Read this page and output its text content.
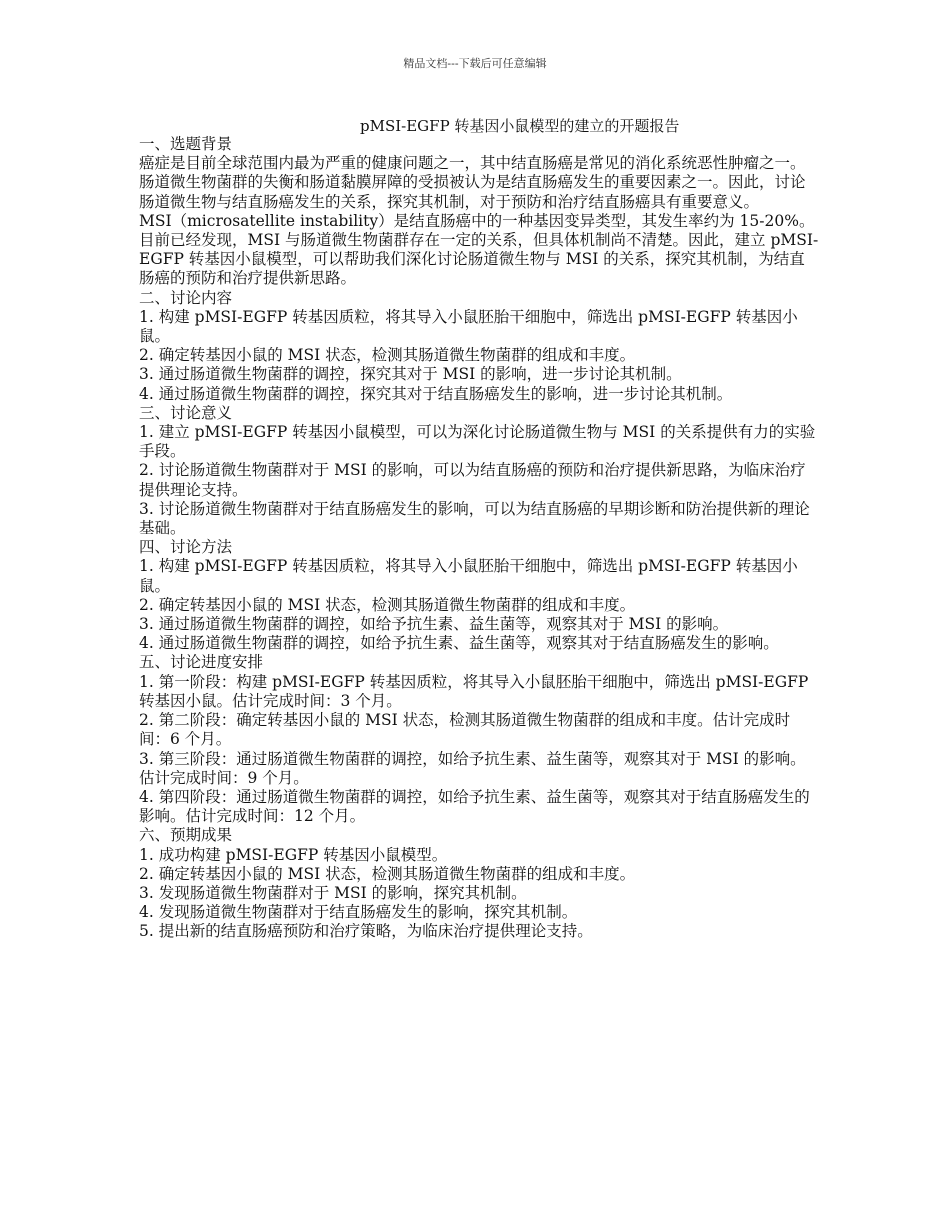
精品文档---下载后可任意编辑
pMSI-EGFP 转基因小鼠模型的建立的开题报告

一、选题背景

癌症是目前全球范围内最为严重的健康问题之一，其中结直肠癌是常见的消化系统恶性肿瘤之一。肠道微生物菌群的失衡和肠道黏膜屏障的受损被认为是结直肠癌发生的重要因素之一。因此，讨论肠道微生物与结直肠癌发生的关系，探究其机制，对于预防和治疗结直肠癌具有重要意义。

MSI（microsatellite instability）是结直肠癌中的一种基因变异类型，其发生率约为 15-20%。目前已经发现，MSI 与肠道微生物菌群存在一定的关系，但具体机制尚不清楚。因此，建立 pMSI-EGFP 转基因小鼠模型，可以帮助我们深化讨论肠道微生物与 MSI 的关系，探究其机制，为结直肠癌的预防和治疗提供新思路。

二、讨论内容

1. 构建 pMSI-EGFP 转基因质粒，将其导入小鼠胚胎干细胞中，筛选出 pMSI-EGFP 转基因小鼠。

2. 确定转基因小鼠的 MSI 状态，检测其肠道微生物菌群的组成和丰度。

3. 通过肠道微生物菌群的调控，探究其对于 MSI 的影响，进一步讨论其机制。

4. 通过肠道微生物菌群的调控，探究其对于结直肠癌发生的影响，进一步讨论其机制。

三、讨论意义

1. 建立 pMSI-EGFP 转基因小鼠模型，可以为深化讨论肠道微生物与 MSI 的关系提供有力的实验手段。

2. 讨论肠道微生物菌群对于 MSI 的影响，可以为结直肠癌的预防和治疗提供新思路，为临床治疗提供理论支持。

3. 讨论肠道微生物菌群对于结直肠癌发生的影响，可以为结直肠癌的早期诊断和防治提供新的理论基础。

四、讨论方法

1. 构建 pMSI-EGFP 转基因质粒，将其导入小鼠胚胎干细胞中，筛选出 pMSI-EGFP 转基因小鼠。

2. 确定转基因小鼠的 MSI 状态，检测其肠道微生物菌群的组成和丰度。

3. 通过肠道微生物菌群的调控，如给予抗生素、益生菌等，观察其对于 MSI 的影响。

4. 通过肠道微生物菌群的调控，如给予抗生素、益生菌等，观察其对于结直肠癌发生的影响。

五、讨论进度安排

1. 第一阶段：构建 pMSI-EGFP 转基因质粒，将其导入小鼠胚胎干细胞中，筛选出 pMSI-EGFP 转基因小鼠。估计完成时间：3 个月。

2. 第二阶段：确定转基因小鼠的 MSI 状态，检测其肠道微生物菌群的组成和丰度。估计完成时间：6 个月。

3. 第三阶段：通过肠道微生物菌群的调控，如给予抗生素、益生菌等，观察其对于 MSI 的影响。估计完成时间：9 个月。

4. 第四阶段：通过肠道微生物菌群的调控，如给予抗生素、益生菌等，观察其对于结直肠癌发生的影响。估计完成时间：12 个月。

六、预期成果

1. 成功构建 pMSI-EGFP 转基因小鼠模型。

2. 确定转基因小鼠的 MSI 状态，检测其肠道微生物菌群的组成和丰度。

3. 发现肠道微生物菌群对于 MSI 的影响，探究其机制。

4. 发现肠道微生物菌群对于结直肠癌发生的影响，探究其机制。

5. 提出新的结直肠癌预防和治疗策略，为临床治疗提供理论支持。
